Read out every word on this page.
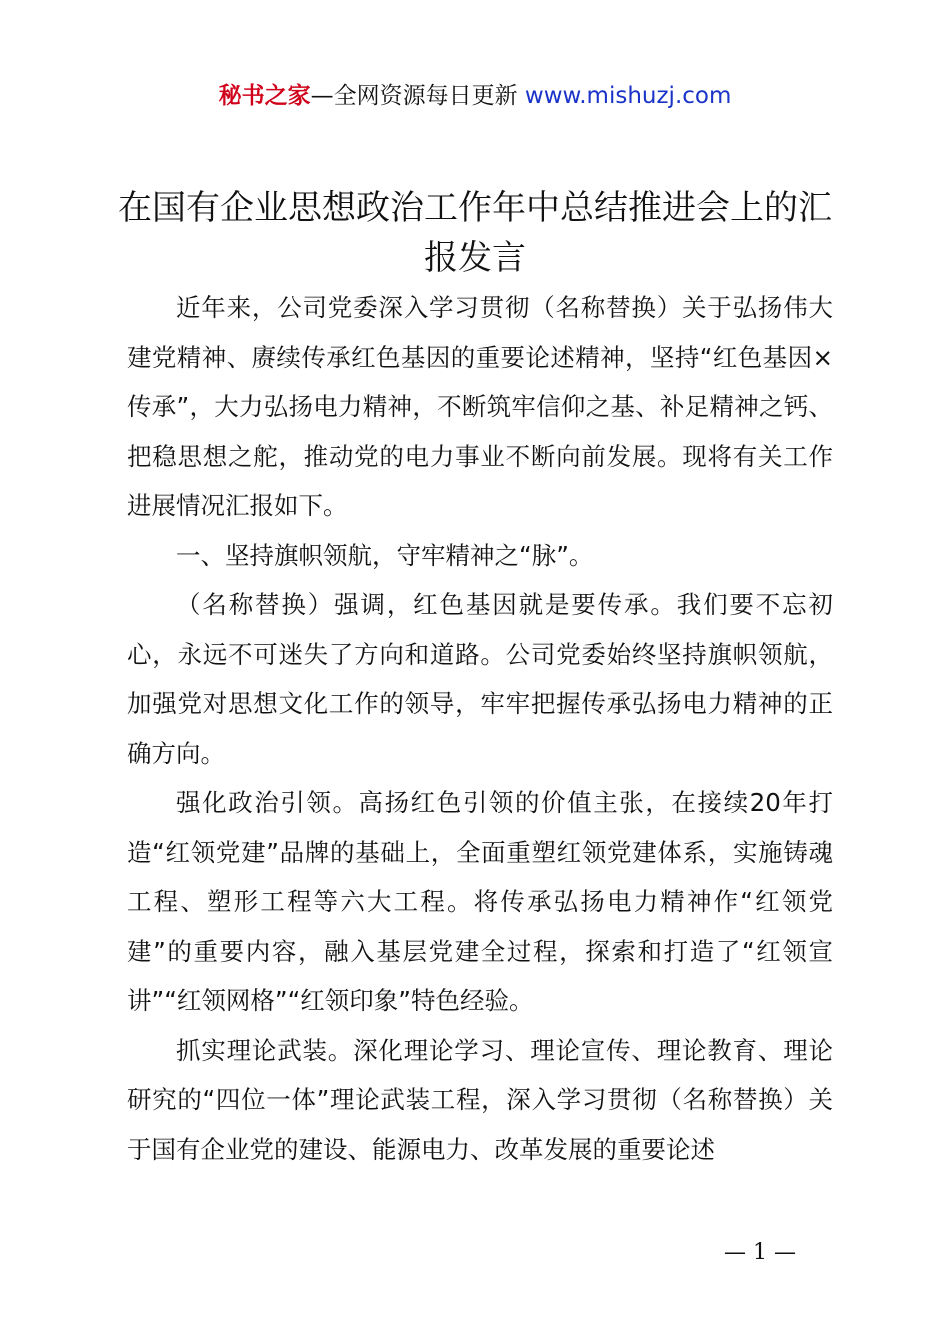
秘书之家—全网资源每日更新 www.mishuzj.com
在国有企业思想政治工作年中总结推进会上的汇报发言

近年来，公司党委深入学习贯彻（名称替换）关于弘扬伟大建党精神、赓续传承红色基因的重要论述精神，坚持“红色基因×传承”，大力弘扬电力精神，不断筑牢信仰之基、补足精神之钙、把稳思想之舵，推动党的电力事业不断向前发展。现将有关工作进展情况汇报如下。

一、坚持旗帜领航，守牢精神之“脉”。

（名称替换）强调，红色基因就是要传承。我们要不忘初心，永远不可迷失了方向和道路。公司党委始终坚持旗帜领航，加强党对思想文化工作的领导，牢牢把握传承弘扬电力精神的正确方向。

强化政治引领。高扬红色引领的价值主张，在接续20年打造“红领党建”品牌的基础上，全面重塑红领党建体系，实施铸魂工程、塑形工程等六大工程。将传承弘扬电力精神作“红领党建”的重要内容，融入基层党建全过程，探索和打造了“红领宣讲”“红领网格”“红领印象”特色经验。

抓实理论武装。深化理论学习、理论宣传、理论教育、理论研究的“四位一体”理论武装工程，深入学习贯彻（名称替换）关于国有企业党的建设、能源电力、改革发展的重要论述

— 1 —
